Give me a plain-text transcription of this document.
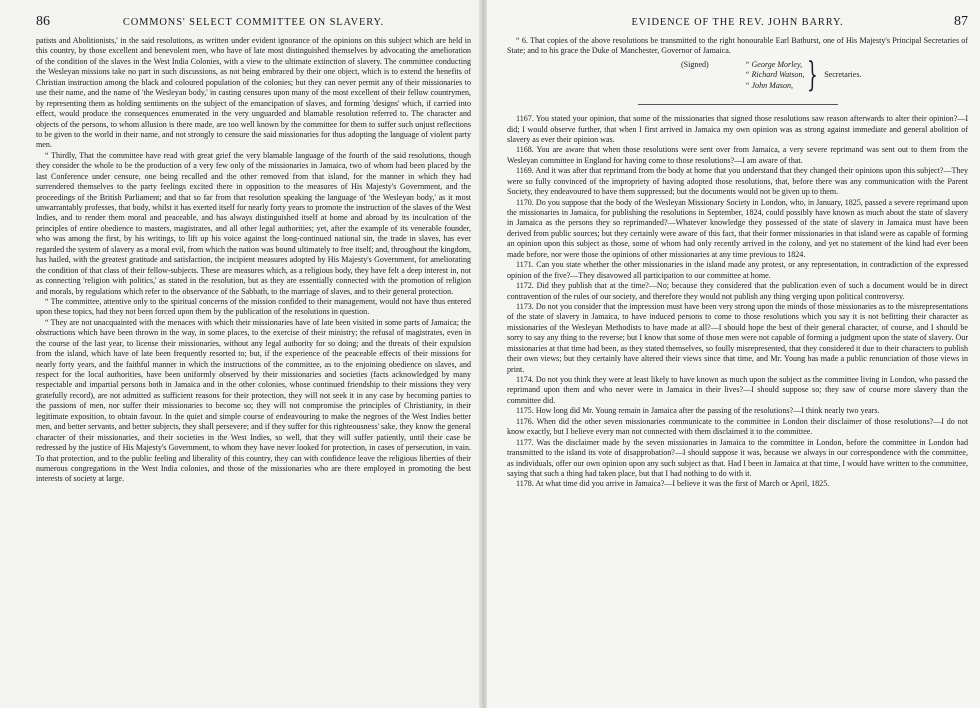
86	COMMONS' SELECT COMMITTEE ON SLAVERY.

patists and Abolitionists,' in the said resolutions, as written under evident ignorance of the opinions on this subject which are held in this country, by those excellent and benevolent men, who have of late most distinguished themselves by advocating the amelioration of the condition of the slaves in the West India Colonies, with a view to the ultimate extinction of slavery. The committee conducting the Wesleyan missions take no part in such discussions, as not being embraced by their one object, which is to extend the benefits of Christian instruction among the black and coloured population of the colonies; but they can never permit any of their missionaries to use their name, and the name of 'the Wesleyan body,' in casting censures upon many of the most excellent of their fellow countrymen, by representing them as holding sentiments on the subject of the emancipation of slaves, and forming 'designs' which, if carried into effect, would produce the consequences enumerated in the very unguarded and blamable resolution referred to. The character and objects of the persons, to whom allusion is there made, are too well known by the committee for them to suffer such unjust reflections to be given to the world in their name, and not strongly to censure the said missionaries for thus adopting the language of violent party men.

“ Thirdly, That the committee have read with great grief the very blamable language of the fourth of the said resolutions, though they consider the whole to be the production of a very few only of the missionaries in Jamaica, two of whom had been placed by the last Conference under censure, one being recalled and the other removed from that island, for the manner in which they had surrendered themselves to the party feelings excited there in opposition to the measures of His Majesty's Government, and the proceedings of the British Parliament; and that so far from that resolution speaking the language of 'the Wesleyan body,' as it most unwarrantably professes, that body, whilst it has exerted itself for nearly forty years to promote the instruction of the slaves of the West Indies, and to render them moral and peaceable, and has always distinguished itself at home and abroad by its inculcation of the principles of entire obedience to masters, magistrates, and all other legal authorities; yet, after the example of its venerable founder, who was among the first, by his writings, to lift up his voice against the long-continued national sin, the trade in slaves, has ever regarded the system of slavery as a moral evil, from which the nation was bound ultimately to free itself; and, throughout the kingdom, has hailed, with the greatest gratitude and satisfaction, the incipient measures adopted by His Majesty's Government, for ameliorating the condition of that class of their fellow-subjects. These are measures which, as a religious body, they have felt a deep interest in, not as connecting 'religion with politics,' as stated in the resolution, but as they are essentially connected with the promotion of religion and morals, by regulations which refer to the observance of the Sabbath, to the marriage of slaves, and to their general protection.

“ The committee, attentive only to the spiritual concerns of the mission confided to their management, would not have thus entered upon these topics, had they not been forced upon them by the publication of the resolutions in question.

“ They are not unacquainted with the menaces with which their missionaries have of late been visited in some parts of Jamaica; the obstructions which have been thrown in the way, in some places, to the exercise of their ministry; the refusal of magistrates, even in the course of the last year, to license their missionaries, without any legal authority for so doing; and the threats of their expulsion from the island, which have of late been frequently resorted to; but, if the experience of the peaceable effects of their missions for nearly forty years, and the faithful manner in which the instructions of the committee, as to the enjoining obedience on slaves, and respect for the local authorities, have been uniformly observed by their missionaries and societies (facts acknowledged by many respectable and impartial persons both in Jamaica and in the other colonies, whose continued friendship to their missions they very gratefully record), are not admitted as sufficient reasons for their protection, they will not seek it in any case by becoming parties to the passions of men, nor suffer their missionaries to become so; they will not compromise the principles of Christianity, in their legitimate exposition, to obtain favour. In the quiet and simple course of endeavouring to make the negroes of the West Indies better men, and better servants, and better subjects, they shall persevere; and if they suffer for this righteousness' sake, they know the general character of their missionaries, and their societies in the West Indies, so well, that they will suffer patiently, until their case be redressed by the justice of His Majesty's Government, to whom they have never looked for protection, in cases of persecution, in vain. To that protection, and to the public feeling and liberality of this country, they can with confidence leave the religious liberties of their numerous congregations in the West India colonies, and those of the missionaries who are there employed in promoting the best interests of society at large.

EVIDENCE OF THE REV. JOHN BARRY.	87

“ 6. That copies of the above resolutions be transmitted to the right honourable Earl Bathurst, one of His Majesty's Principal Secretaries of State; and to his grace the Duke of Manchester, Governor of Jamaica.

(Signed)	“ George Morley,
“ Richard Watson,
“ John Mason, } Secretaries.

1167. You stated your opinion, that some of the missionaries that signed those resolutions saw reason afterwards to alter their opinion?—I did; I would observe further, that when I first arrived in Jamaica my own opinion was as strong against immediate and general abolition of slavery as ever their opinion was.

1168. You are aware that when those resolutions were sent over from Jamaica, a very severe reprimand was sent out to them from the Wesleyan committee in England for having come to those resolutions?—I am aware of that.

1169. And it was after that reprimand from the body at home that you understand that they changed their opinions upon this subject?—They were so fully convinced of the impropriety of having adopted those resolutions, that, before there was any communication with the Parent Society, they endeavoured to have them suppressed; but the documents would not be given up to them.

1170. Do you suppose that the body of the Wesleyan Missionary Society in London, who, in January, 1825, passed a severe reprimand upon the missionaries in Jamaica, for publishing the resolutions in September, 1824, could possibly have known as much about the state of slavery in Jamaica as the persons they so reprimanded?—Whatever knowledge they possessed of the state of slavery in Jamaica must have been derived from public sources; but they certainly were aware of this fact, that their former missionaries in that island were as capable of forming an opinion upon this subject as those, some of whom had only recently arrived in the colony, and yet no statement of the kind had ever been made before, nor were those the opinions of other missionaries at any time previous to 1824.

1171. Can you state whether the other missionaries in the island made any protest, or any representation, in contradiction of the expressed opinion of the five?—They disavowed all participation to our committee at home.

1172. Did they publish that at the time?—No; because they considered that the publication even of such a document would be in direct contravention of the rules of our society, and therefore they would not publish any thing verging upon political controversy.

1173. Do not you consider that the impression must have been very strong upon the minds of those missionaries as to the misrepresentations of the state of slavery in Jamaica, to have induced persons to come to those resolutions which you say it is not befitting their character as missionaries of the Wesleyan Methodists to have made at all?—I should hope the best of their general character, of course, and I should be sorry to say any thing to the reverse; but I know that some of those men were not capable of forming a judgment upon the state of slavery. Our missionaries at that time had been, as they stated themselves, so foully misrepresented, that they considered it due to their characters to publish their own views; but they certainly have altered their views since that time, and Mr. Young has made a public renunciation of those views in print.

1174. Do not you think they were at least likely to have known as much upon the subject as the committee living in London, who passed the reprimand upon them and who never were in Jamaica in their lives?—I should suppose so; they saw of course more slavery than the committee did.

1175. How long did Mr. Young remain in Jamaica after the passing of the resolutions?—I think nearly two years.

1176. When did the other seven missionaries communicate to the committee in London their disclaimer of those resolutions?—I do not know exactly, but I believe every man not connected with them disclaimed it to the committee.

1177. Was the disclaimer made by the seven missionaries in Jamaica to the committee in London, before the committee in London had transmitted to the island its vote of disapprobation?—I should suppose it was, because we always in our correspondence with the committee, as individuals, offer our own opinion upon any such subject as that. Had I been in Jamaica at that time, I would have written to the committee, saying that such a thing had taken place, but that I had nothing to do with it.

1178. At what time did you arrive in Jamaica?—I believe it was the first of March or April, 1825.
